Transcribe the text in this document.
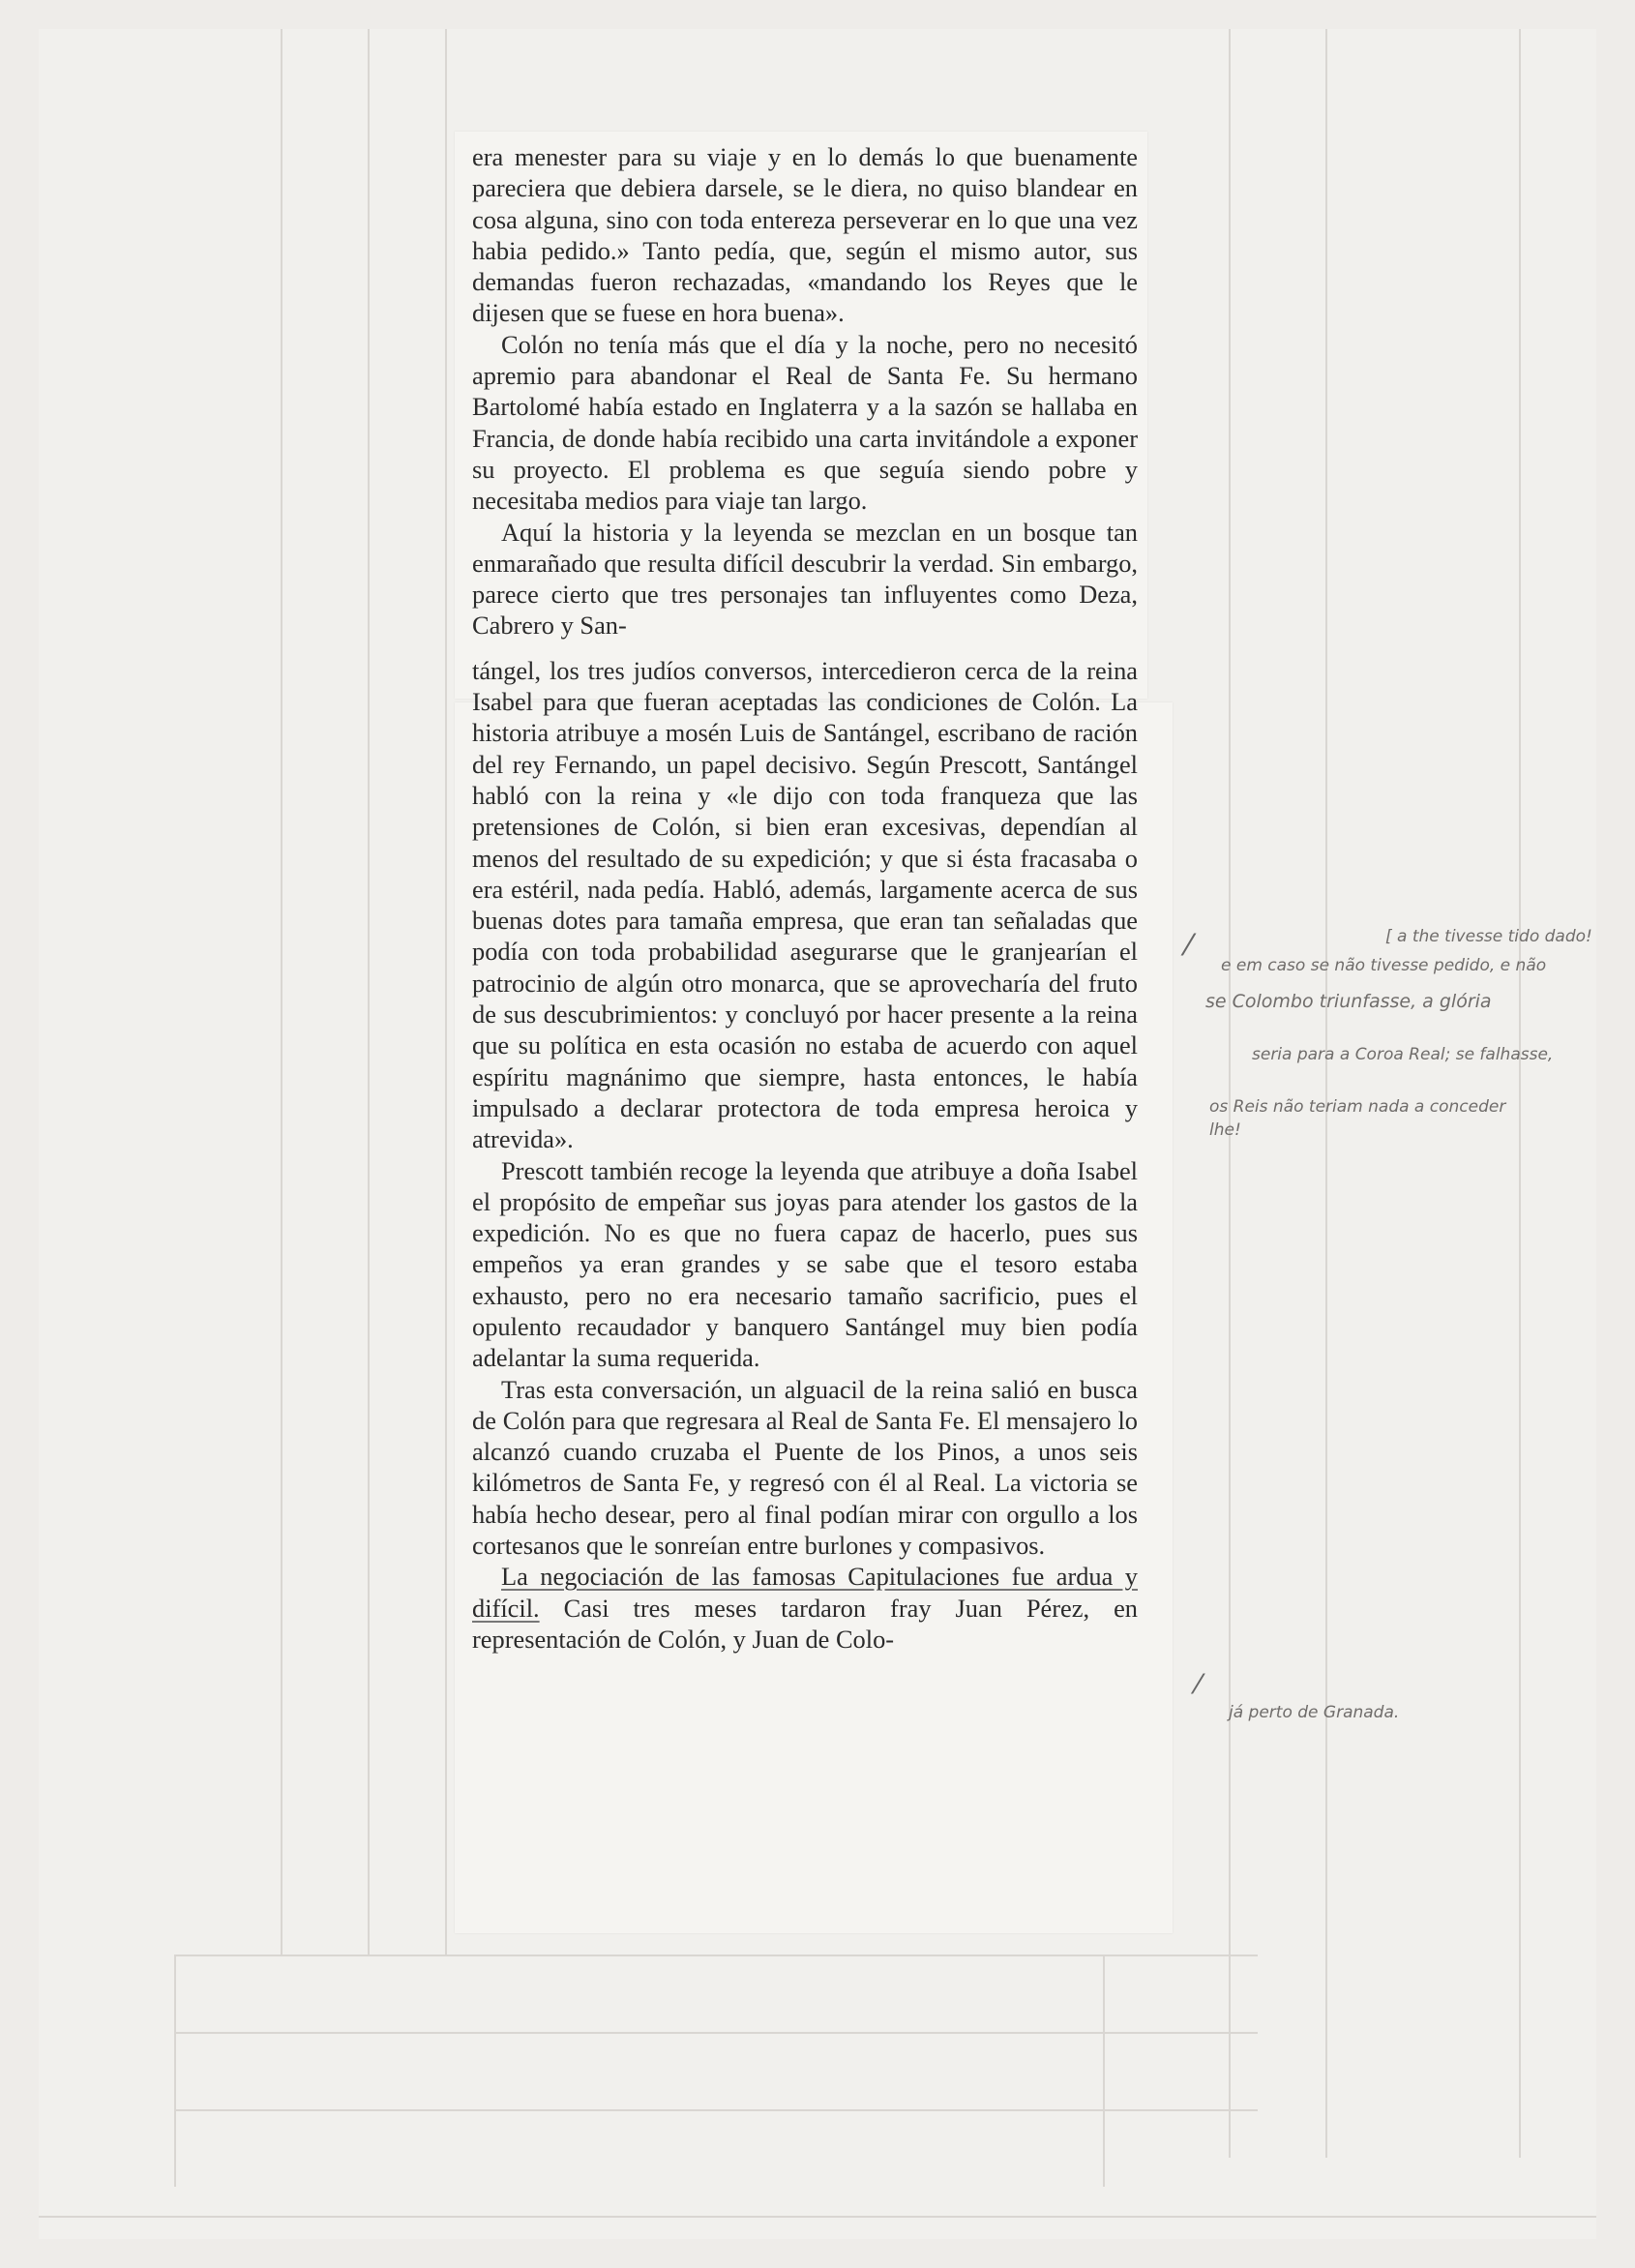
era menester para su viaje y en lo demás lo que buenamente pareciera que debiera darsele, se le diera, no quiso blandear en cosa alguna, sino con toda entereza perseverar en lo que una vez habia pedido.» Tanto pedía, que, según el mismo autor, sus demandas fueron rechazadas, «mandando los Reyes que le dijesen que se fuese en hora buena».

Colón no tenía más que el día y la noche, pero no necesitó apremio para abandonar el Real de Santa Fe. Su hermano Bartolomé había estado en Inglaterra y a la sazón se hallaba en Francia, de donde había recibido una carta invitándole a exponer su proyecto. El problema es que seguía siendo pobre y necesitaba medios para viaje tan largo.

Aquí la historia y la leyenda se mezclan en un bosque tan enmarañado que resulta difícil descubrir la verdad. Sin embargo, parece cierto que tres personajes tan influyentes como Deza, Cabrero y San-

tángel, los tres judíos conversos, intercedieron cerca de la reina Isabel para que fueran aceptadas las condiciones de Colón. La historia atribuye a mosén Luis de Santángel, escribano de ración del rey Fernando, un papel decisivo. Según Prescott, Santángel habló con la reina y «le dijo con toda franqueza que las pretensiones de Colón, si bien eran excesivas, dependían al menos del resultado de su expedición; y que si ésta fracasaba o era estéril, nada pedía. Habló, además, largamente acerca de sus buenas dotes para tamaña empresa, que eran tan señaladas que podía con toda probabilidad asegurarse que le granjearían el patrocinio de algún otro monarca, que se aprovecharía del fruto de sus descubrimientos: y concluyó por hacer presente a la reina que su política en esta ocasión no estaba de acuerdo con aquel espíritu magnánimo que siempre, hasta entonces, le había impulsado a declarar protectora de toda empresa heroica y atrevida».

Prescott también recoge la leyenda que atribuye a doña Isabel el propósito de empeñar sus joyas para atender los gastos de la expedición. No es que no fuera capaz de hacerlo, pues sus empeños ya eran grandes y se sabe que el tesoro estaba exhausto, pero no era necesario tamaño sacrificio, pues el opulento recaudador y banquero Santángel muy bien podía adelantar la suma requerida.

Tras esta conversación, un alguacil de la reina salió en busca de Colón para que regresara al Real de Santa Fe. El mensajero lo alcanzó cuando cruzaba el Puente de los Pinos, a unos seis kilómetros de Santa Fe, y regresó con él al Real. La victoria se había hecho desear, pero al final podían mirar con orgullo a los cortesanos que le sonreían entre burlones y compasivos.

La negociación de las famosas Capitulaciones fue ardua y difícil. Casi tres meses tardaron fray Juan Pérez, en representación de Colón, y Juan de Colo-

⁄	[ a the tivesse tido dado!
e em caso se não tivesse pedido, e não
se Colombo triunfasse, a glória
seria para a Coroa Real; se falhasse,
os Reis não teriam nada a conceder
lhe!
⁄
já perto de Granada.
